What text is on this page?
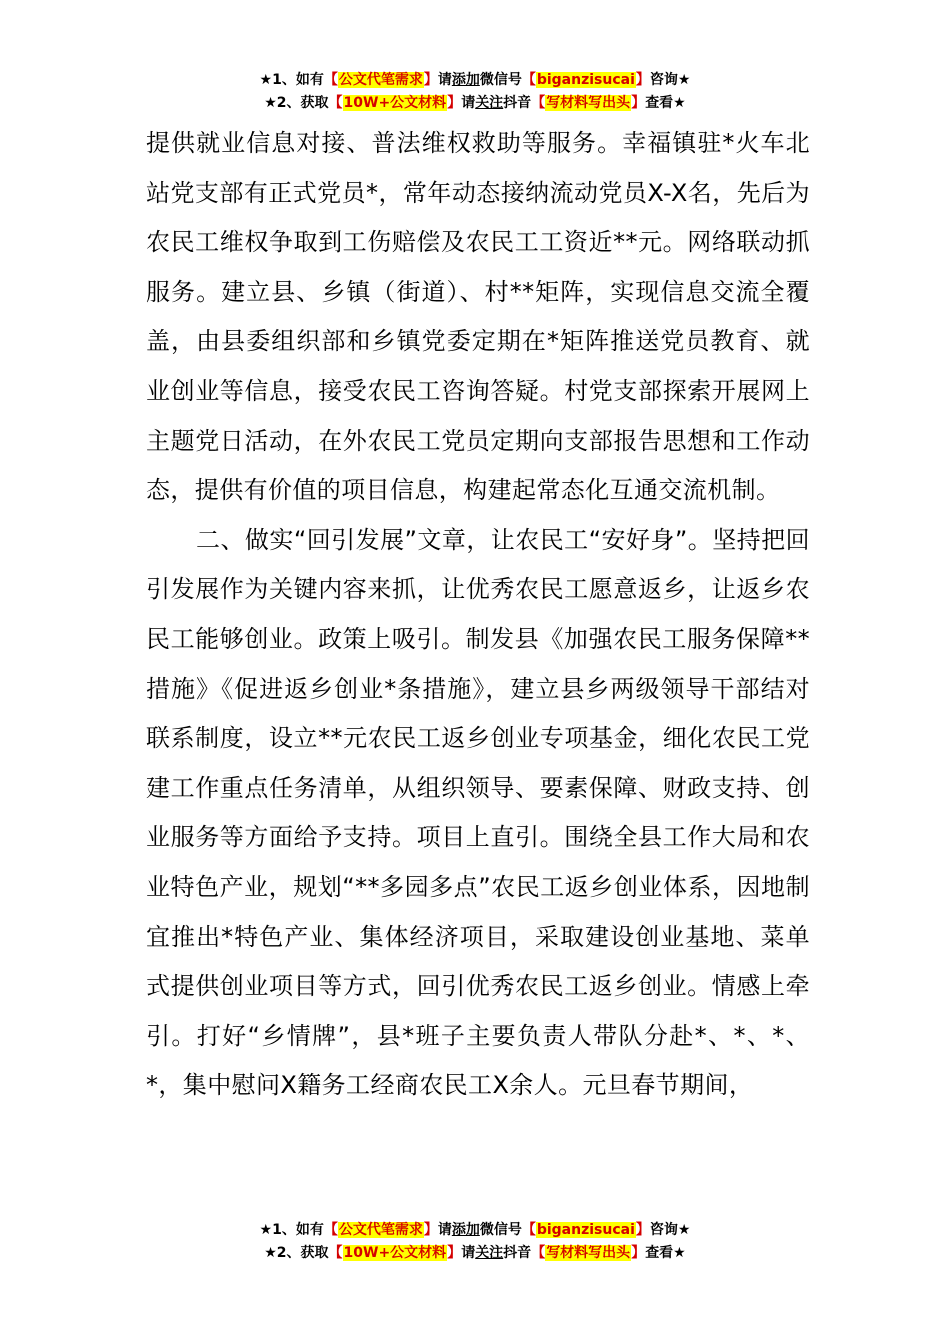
★1、如有【公文代笔需求】请添加微信号【biganzisucai】咨询★
★2、获取【10W+公文材料】请关注抖音【写材料写出头】查看★

提供就业信息对接、普法维权救助等服务。幸福镇驻*火车北站党支部有正式党员*，常年动态接纳流动党员X-X名，先后为农民工维权争取到工伤赔偿及农民工工资近**元。网络联动抓服务。建立县、乡镇（街道）、村**矩阵，实现信息交流全覆盖，由县委组织部和乡镇党委定期在*矩阵推送党员教育、就业创业等信息，接受农民工咨询答疑。村党支部探索开展网上主题党日活动，在外农民工党员定期向支部报告思想和工作动态，提供有价值的项目信息，构建起常态化互通交流机制。

二、做实“回引发展”文章，让农民工“安好身”。坚持把回引发展作为关键内容来抓，让优秀农民工愿意返乡，让返乡农民工能够创业。政策上吸引。制发县《加强农民工服务保障**措施》《促进返乡创业*条措施》，建立县乡两级领导干部结对联系制度，设立**元农民工返乡创业专项基金，细化农民工党建工作重点任务清单，从组织领导、要素保障、财政支持、创业服务等方面给予支持。项目上直引。围绕全县工作大局和农业特色产业，规划“**多园多点”农民工返乡创业体系，因地制宜推出*特色产业、集体经济项目，采取建设创业基地、菜单式提供创业项目等方式，回引优秀农民工返乡创业。情感上牵引。打好“乡情牌”，县*班子主要负责人带队分赴*、*、*、*，集中慰问X籍务工经商农民工X余人。元旦春节期间，

★1、如有【公文代笔需求】请添加微信号【biganzisucai】咨询★
★2、获取【10W+公文材料】请关注抖音【写材料写出头】查看★
